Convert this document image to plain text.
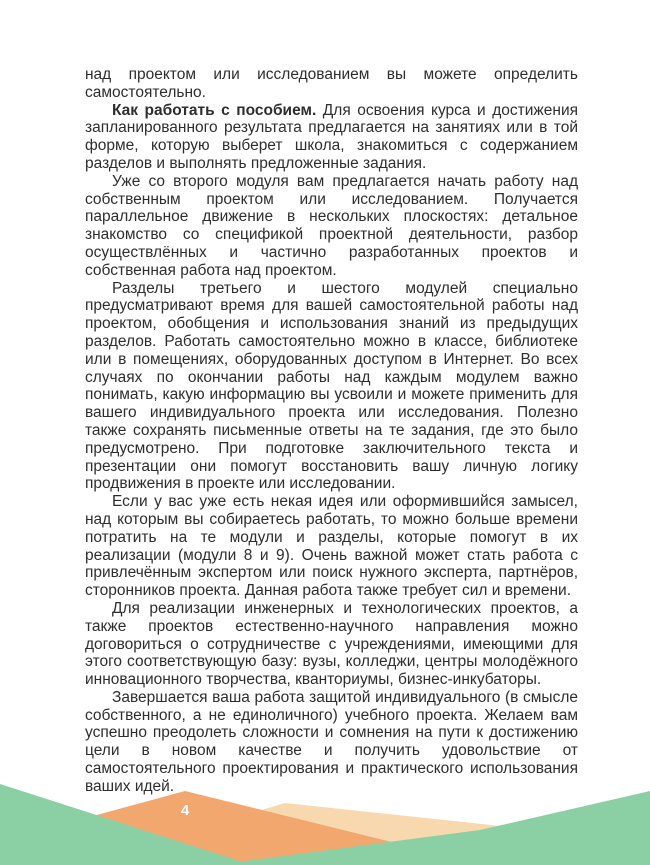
над проектом или исследованием вы можете определить самостоятельно.

Как работать с пособием. Для освоения курса и достижения запланированного результата предлагается на занятиях или в той форме, которую выберет школа, знакомиться с содержанием разделов и выполнять предложенные задания.

Уже со второго модуля вам предлагается начать работу над собственным проектом или исследованием. Получается параллельное движение в нескольких плоскостях: детальное знакомство со спецификой проектной деятельности, разбор осуществлённых и частично разработанных проектов и собственная работа над проектом.

Разделы третьего и шестого модулей специально предусматривают время для вашей самостоятельной работы над проектом, обобщения и использования знаний из предыдущих разделов. Работать самостоятельно можно в классе, библиотеке или в помещениях, оборудованных доступом в Интернет. Во всех случаях по окончании работы над каждым модулем важно понимать, какую информацию вы усвоили и можете применить для вашего индивидуального проекта или исследования. Полезно также сохранять письменные ответы на те задания, где это было предусмотрено. При подготовке заключительного текста и презентации они помогут восстановить вашу личную логику продвижения в проекте или исследовании.

Если у вас уже есть некая идея или оформившийся замысел, над которым вы собираетесь работать, то можно больше времени потратить на те модули и разделы, которые помогут в их реализации (модули 8 и 9). Очень важной может стать работа с привлечённым экспертом или поиск нужного эксперта, партнёров, сторонников проекта. Данная работа также требует сил и времени.

Для реализации инженерных и технологических проектов, а также проектов естественно-научного направления можно договориться о сотрудничестве с учреждениями, имеющими для этого соответствующую базу: вузы, колледжи, центры молодёжного инновационного творчества, кванториумы, бизнес-инкубаторы.

Завершается ваша работа защитой индивидуального (в смысле собственного, а не единоличного) учебного проекта. Желаем вам успешно преодолеть сложности и сомнения на пути к достижению цели в новом качестве и получить удовольствие от самостоятельного проектирования и практического использования ваших идей.

4
